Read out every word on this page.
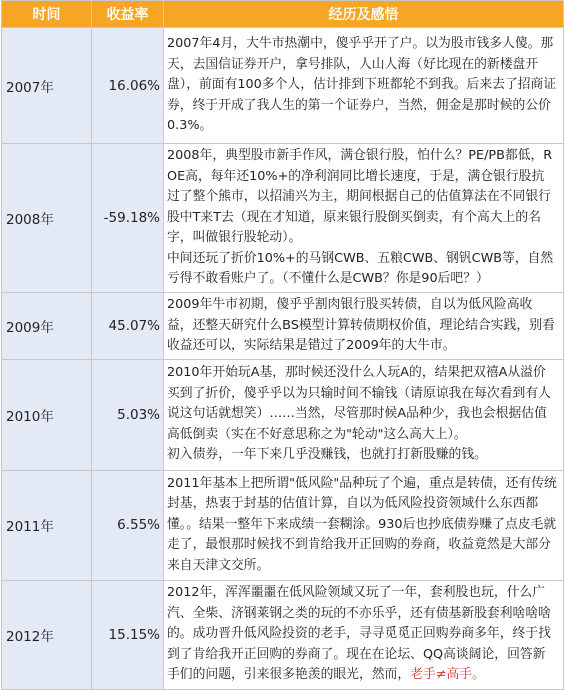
时间	收益率	经历及感悟
2007年	16.06%	2007年4月，大牛市热潮中，傻乎乎开了户。以为股市钱多人傻。那天，去国信证券开户，拿号排队，人山人海（好比现在的新楼盘开盘），前面有100多个人，估计排到下班都轮不到我。后来去了招商证券，终于开成了我人生的第一个证券户，当然，佣金是那时候的公价0.3%。
2008年	-59.18%	2008年，典型股市新手作风，满仓银行股，怕什么？PE/PB都低，ROE高，每年还10%+的净利润同比增长速度，于是，满仓银行股抗过了整个熊市，以招浦兴为主，期间根据自己的估值算法在不同银行股中T来T去（现在才知道，原来银行股倒买倒卖，有个高大上的名字，叫做银行股轮动）。
中间还玩了折价10%+的马钢CWB、五粮CWB、钢钒CWB等，自然亏得不敢看账户了。（不懂什么是CWB？你是90后吧？）

2009年	45.07%	2009年牛市初期，傻乎乎割肉银行股买转债，自以为低风险高收益，还整天研究什么BS模型计算转债期权价值，理论结合实践，别看收益还可以，实际结果是错过了2009年的大牛市。
2010年	5.03%	2010年开始玩A基，那时候还没什么人玩A的，结果把双禧A从溢价买到了折价，傻乎乎以为只输时间不输钱（请原谅我在每次看到有人说这句话就想笑）……当然，尽管那时候A品种少，我也会根据估值高低倒卖（实在不好意思称之为"轮动"这么高大上）。
初入债券，一年下来几乎没赚钱，也就打打新股赚的钱。

2011年	6.55%	2011年基本上把所谓"低风险"品种玩了个遍，重点是转债，还有传统封基，热衷于封基的估值计算，自以为低风险投资领域什么东西都懂。。结果一整年下来成绩一套糊涂。930后也抄底债券赚了点皮毛就走了，最恨那时候找不到肯给我开正回购的券商，收益竟然是大部分来自天津文交所。
2012年	15.15%	2012年，浑浑噩噩在低风险领域又玩了一年，套利股也玩，什么广汽、全柴、济钢莱钢之类的玩的不亦乐乎，还有债基新股套利啥啥啥的。成功晋升低风险投资的老手，寻寻觅觅正回购券商多年，终于找到了肯给我开正回购的券商了。现在在论坛、QQ高谈阔论，回答新手们的问题，引来很多艳羡的眼光，然而，老手≠高手。
